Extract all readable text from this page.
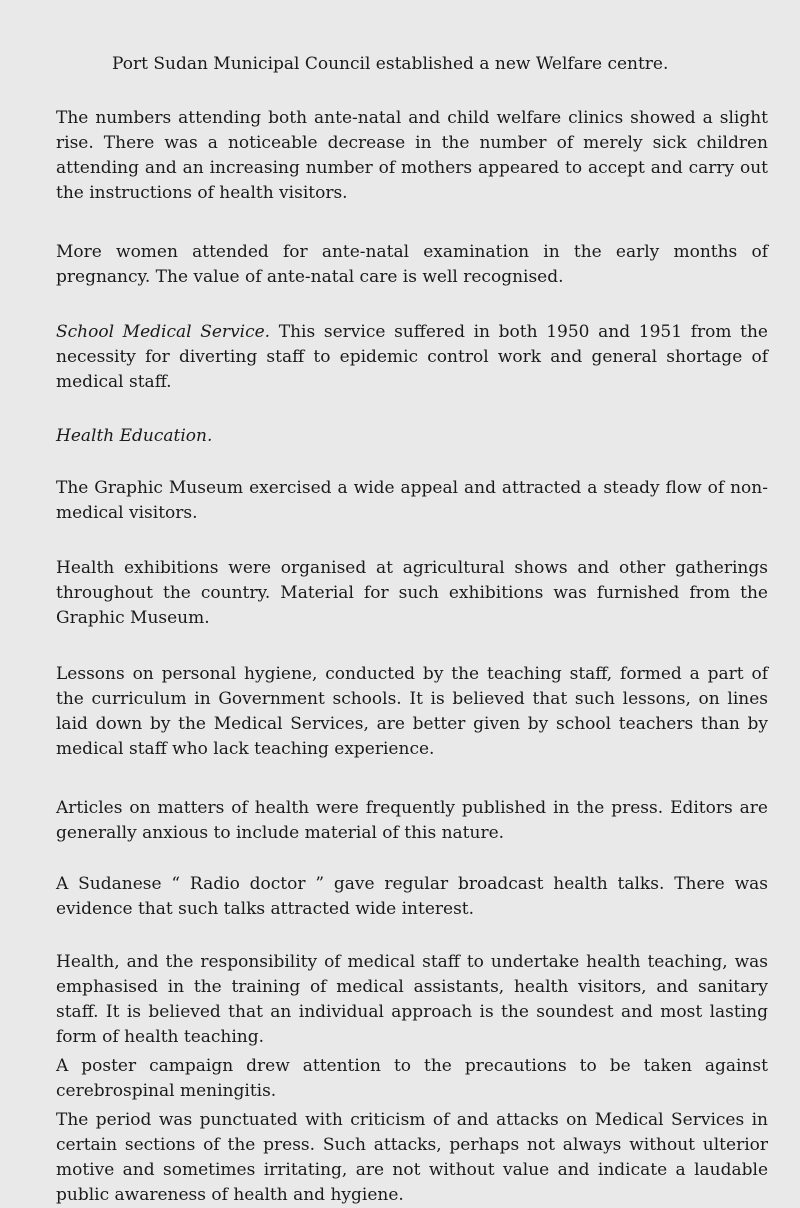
Port Sudan Municipal Council established a new Welfare centre.

The numbers attending both ante-natal and child welfare clinics showed a slight rise. There was a noticeable decrease in the number of merely sick children attending and an increasing number of mothers appeared to accept and carry out the instructions of health visitors.

More women attended for ante-natal examination in the early months of pregnancy. The value of ante-natal care is well recognised.

School Medical Service. This service suffered in both 1950 and 1951 from the necessity for diverting staff to epidemic control work and general shortage of medical staff.

Health Education.

The Graphic Museum exercised a wide appeal and attracted a steady flow of non-medical visitors.

Health exhibitions were organised at agricultural shows and other gatherings throughout the country. Material for such exhibitions was furnished from the Graphic Museum.

Lessons on personal hygiene, conducted by the teaching staff, formed a part of the curriculum in Government schools. It is believed that such lessons, on lines laid down by the Medical Services, are better given by school teachers than by medical staff who lack teaching experience.

Articles on matters of health were frequently published in the press. Editors are generally anxious to include material of this nature.

A Sudanese “ Radio doctor ” gave regular broadcast health talks. There was evidence that such talks attracted wide interest.

Health, and the responsibility of medical staff to undertake health teaching, was emphasised in the training of medical assistants, health visitors, and sanitary staff. It is believed that an individual approach is the soundest and most lasting form of health teaching.

A poster campaign drew attention to the precautions to be taken against cerebrospinal meningitis.

The period was punctuated with criticism of and attacks on Medical Services in certain sections of the press. Such attacks, perhaps not always without ulterior motive and sometimes irritating, are not without value and indicate a laudable public awareness of health and hygiene.
